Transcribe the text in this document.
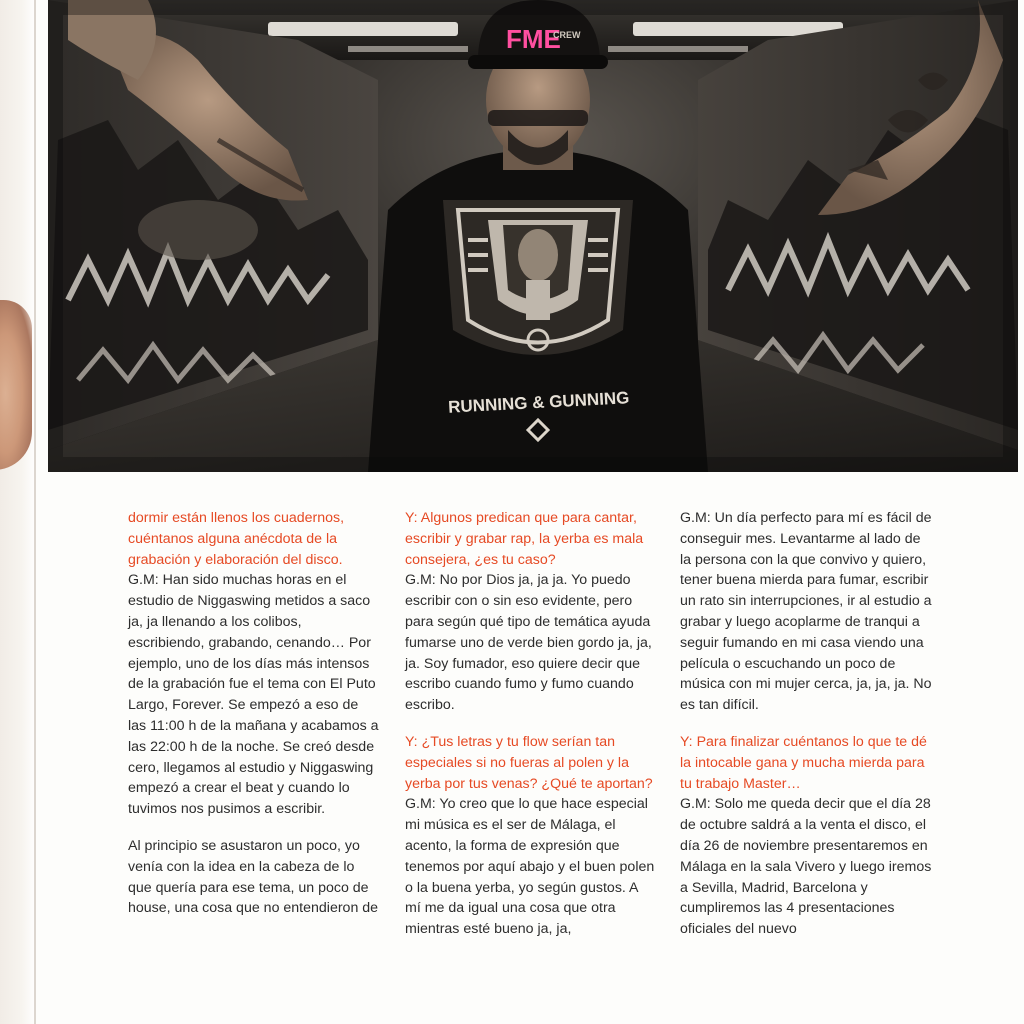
FME
CREW
RUNNING & GUNNING

dormir están llenos los cuadernos, cuéntanos alguna anécdota de la grabación y elaboración del disco.

G.M: Han sido muchas horas en el estudio de Niggaswing metidos a saco ja, ja llenando a los colibos, escribiendo, grabando, cenando… Por ejemplo, uno de los días más intensos de la grabación fue el tema con El Puto Largo, Forever. Se empezó a eso de las 11:00 h de la mañana y acabamos a las 22:00 h de la noche. Se creó desde cero, llegamos al estudio y Niggaswing empezó a crear el beat y cuando lo tuvimos nos pusimos a escribir.

Al principio se asustaron un poco, yo venía con la idea en la cabeza de lo que quería para ese tema, un poco de house, una cosa que no entendieron de

Y: Algunos predican que para cantar, escribir y grabar rap, la yerba es mala consejera, ¿es tu caso?

G.M: No por Dios ja, ja ja. Yo puedo escribir con o sin eso evidente, pero para según qué tipo de temática ayuda fumarse uno de verde bien gordo ja, ja, ja. Soy fumador, eso quiere decir que escribo cuando fumo y fumo cuando escribo.

Y: ¿Tus letras y tu flow serían tan especiales si no fueras al polen y la yerba por tus venas? ¿Qué te aportan?

G.M: Yo creo que lo que hace especial mi música es el ser de Málaga, el acento, la forma de expresión que tenemos por aquí abajo y el buen polen o la buena yerba, yo según gustos. A mí me da igual una cosa que otra mientras esté bueno ja, ja,

G.M: Un día perfecto para mí es fácil de conseguir mes. Levantarme al lado de la persona con la que convivo y quiero, tener buena mierda para fumar, escribir un rato sin interrupciones, ir al estudio a grabar y luego acoplarme de tranqui a seguir fumando en mi casa viendo una película o escuchando un poco de música con mi mujer cerca, ja, ja, ja. No es tan difícil.

Y: Para finalizar cuéntanos lo que te dé la intocable gana y mucha mierda para tu trabajo Master…

G.M: Solo me queda decir que el día 28 de octubre saldrá a la venta el disco, el día 26 de noviembre presentaremos en Málaga en la sala Vivero y luego iremos a Sevilla, Madrid, Barcelona y cumpliremos las 4 presentaciones oficiales del nuevo
